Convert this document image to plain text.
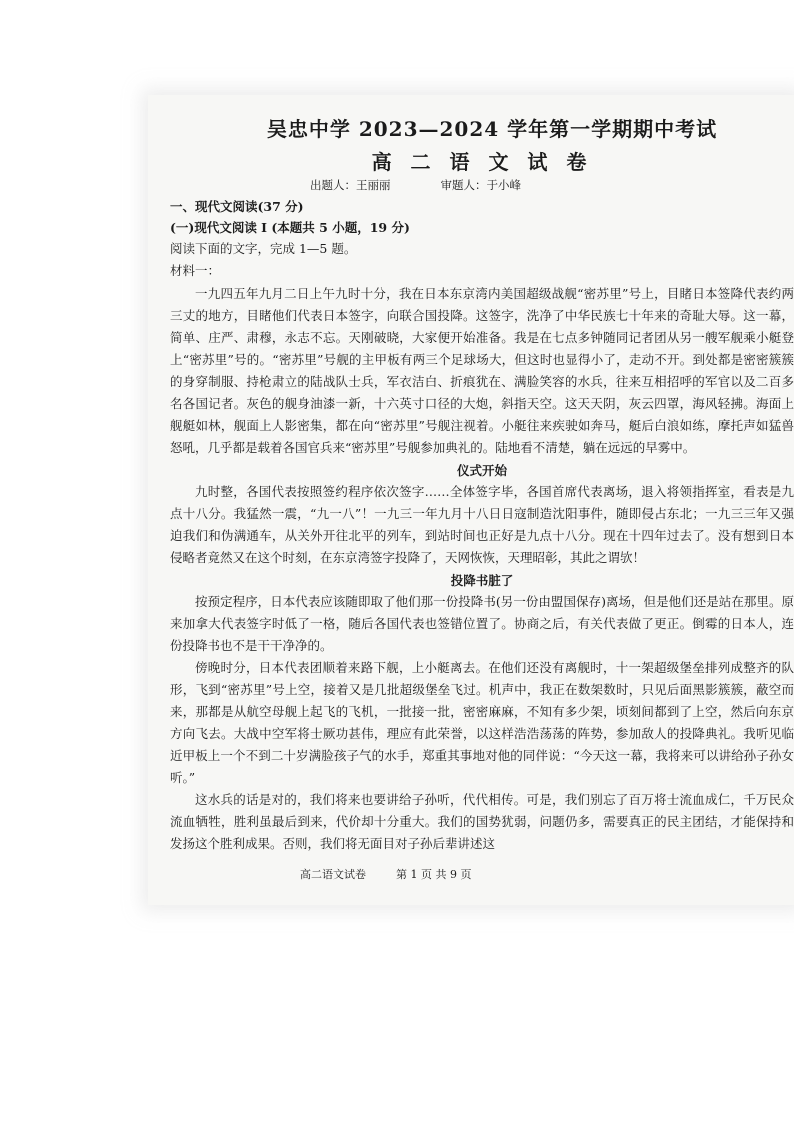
吴忠中学 2023—2024 学年第一学期期中考试
高 二 语 文 试 卷
出题人：王丽丽	审题人：于小峰
一、现代文阅读(37 分)
(一)现代文阅读 I (本题共 5 小题，19 分)
阅读下面的文字，完成 1—5 题。
材料一：

一九四五年九月二日上午九时十分，我在日本东京湾内美国超级战舰“密苏里”号上，目睹日本签降代表约两三丈的地方，目睹他们代表日本签字，向联合国投降。这签字，洗净了中华民族七十年来的奇耻大辱。这一幕，简单、庄严、肃穆，永志不忘。天刚破晓，大家便开始准备。我是在七点多钟随同记者团从另一艘军舰乘小艇登上“密苏里”号的。“密苏里”号舰的主甲板有两三个足球场大，但这时也显得小了，走动不开。到处都是密密簇簇的身穿制服、持枪肃立的陆战队士兵，军衣洁白、折痕犹在、满脸笑容的水兵，往来互相招呼的军官以及二百多名各国记者。灰色的舰身油漆一新，十六英寸口径的大炮，斜指天空。这天天阴，灰云四罩，海风轻拂。海面上舰艇如林，舰面上人影密集，都在向“密苏里”号舰注视着。小艇往来疾驶如奔马，艇后白浪如练，摩托声如猛兽怒吼，几乎都是载着各国官兵来“密苏里”号舰参加典礼的。陆地看不清楚，躺在远远的早雾中。

仪式开始

九时整，各国代表按照签约程序依次签字……全体签字毕，各国首席代表离场，退入将领指挥室，看表是九点十八分。我猛然一震，“九一八”！一九三一年九月十八日日寇制造沈阳事件，随即侵占东北；一九三三年又强迫我们和伪满通车，从关外开往北平的列车，到站时间也正好是九点十八分。现在十四年过去了。没有想到日本侵略者竟然又在这个时刻，在东京湾签字投降了，天网恢恢，天理昭彰，其此之谓欤！

投降书脏了

按预定程序，日本代表应该随即取了他们那一份投降书(另一份由盟国保存)离场，但是他们还是站在那里。原来加拿大代表签字时低了一格，随后各国代表也签错位置了。协商之后，有关代表做了更正。倒霉的日本人，连份投降书也不是干干净净的。

傍晚时分，日本代表团顺着来路下舰，上小艇离去。在他们还没有离舰时，十一架超级堡垒排列成整齐的队形，飞到“密苏里”号上空，接着又是几批超级堡垒飞过。机声中，我正在数架数时，只见后面黑影簇簇，蔽空而来，那都是从航空母舰上起飞的飞机，一批接一批，密密麻麻，不知有多少架，顷刻间都到了上空，然后向东京方向飞去。大战中空军将士厥功甚伟，理应有此荣誉，以这样浩浩荡荡的阵势，参加敌人的投降典礼。我听见临近甲板上一个不到二十岁满脸孩子气的水手，郑重其事地对他的同伴说：“今天这一幕，我将来可以讲给孙子孙女听。”

这水兵的话是对的，我们将来也要讲给子孙听，代代相传。可是，我们别忘了百万将士流血成仁，千万民众流血牺牲，胜利虽最后到来，代价却十分重大。我们的国势犹弱，问题仍多，需要真正的民主团结，才能保持和发扬这个胜利成果。否则，我们将无面目对子孙后辈讲述这

高二语文试卷	第 1 页 共 9 页
